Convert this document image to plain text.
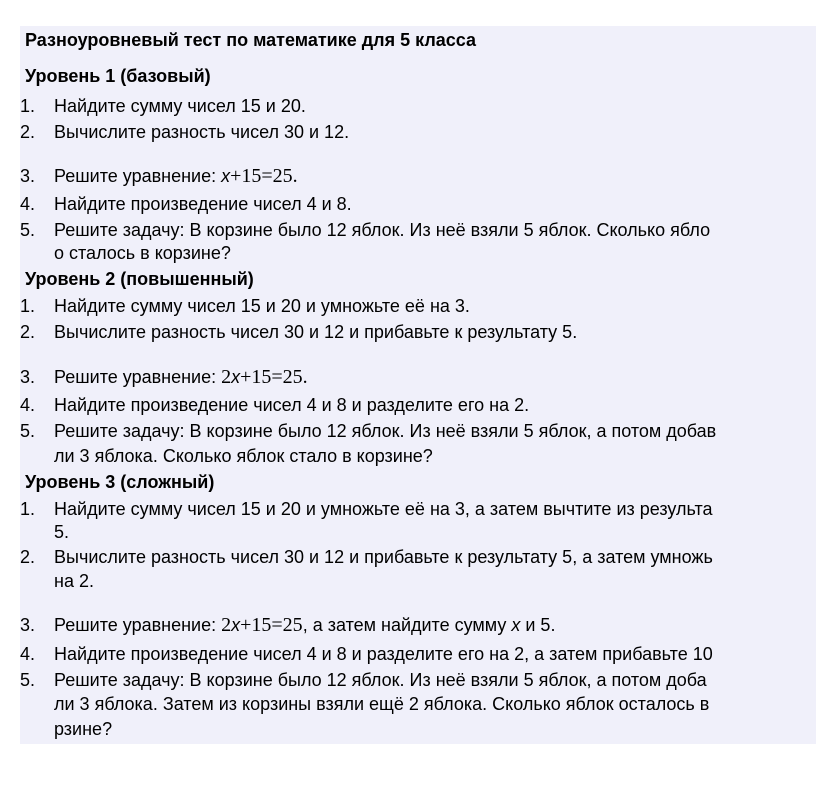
Разноуровневый тест по математике для 5 класса
Уровень 1 (базовый)
1.	Найдите сумму чисел 15 и 20.
2.	Вычислите разность чисел 30 и 12.
3.	Решите уравнение: x+15=25.
4.	Найдите произведение чисел 4 и 8.
5.	Решите задачу: В корзине было 12 яблок. Из неё взяли 5 яблок. Сколько ябло
о сталось в корзине?
Уровень 2 (повышенный)
1.	Найдите сумму чисел 15 и 20 и умножьте её на 3.
2.	Вычислите разность чисел 30 и 12 и прибавьте к результату 5.
3.	Решите уравнение: 2x+15=25.
4.	Найдите произведение чисел 4 и 8 и разделите его на 2.
5.	Решите задачу: В корзине было 12 яблок. Из неё взяли 5 яблок, а потом добав
ли 3 яблока. Сколько яблок стало в корзине?
Уровень 3 (сложный)
1.	Найдите сумму чисел 15 и 20 и умножьте её на 3, а затем вычтите из результа
5.
2.	Вычислите разность чисел 30 и 12 и прибавьте к результату 5, а затем умножь
на 2.
3.	Решите уравнение: 2x+15=25, а затем найдите сумму x и 5.
4.	Найдите произведение чисел 4 и 8 и разделите его на 2, а затем прибавьте 10
5.	Решите задачу: В корзине было 12 яблок. Из неё взяли 5 яблок, а потом доба
ли 3 яблока. Затем из корзины взяли ещё 2 яблока. Сколько яблок осталось в
рзине?
